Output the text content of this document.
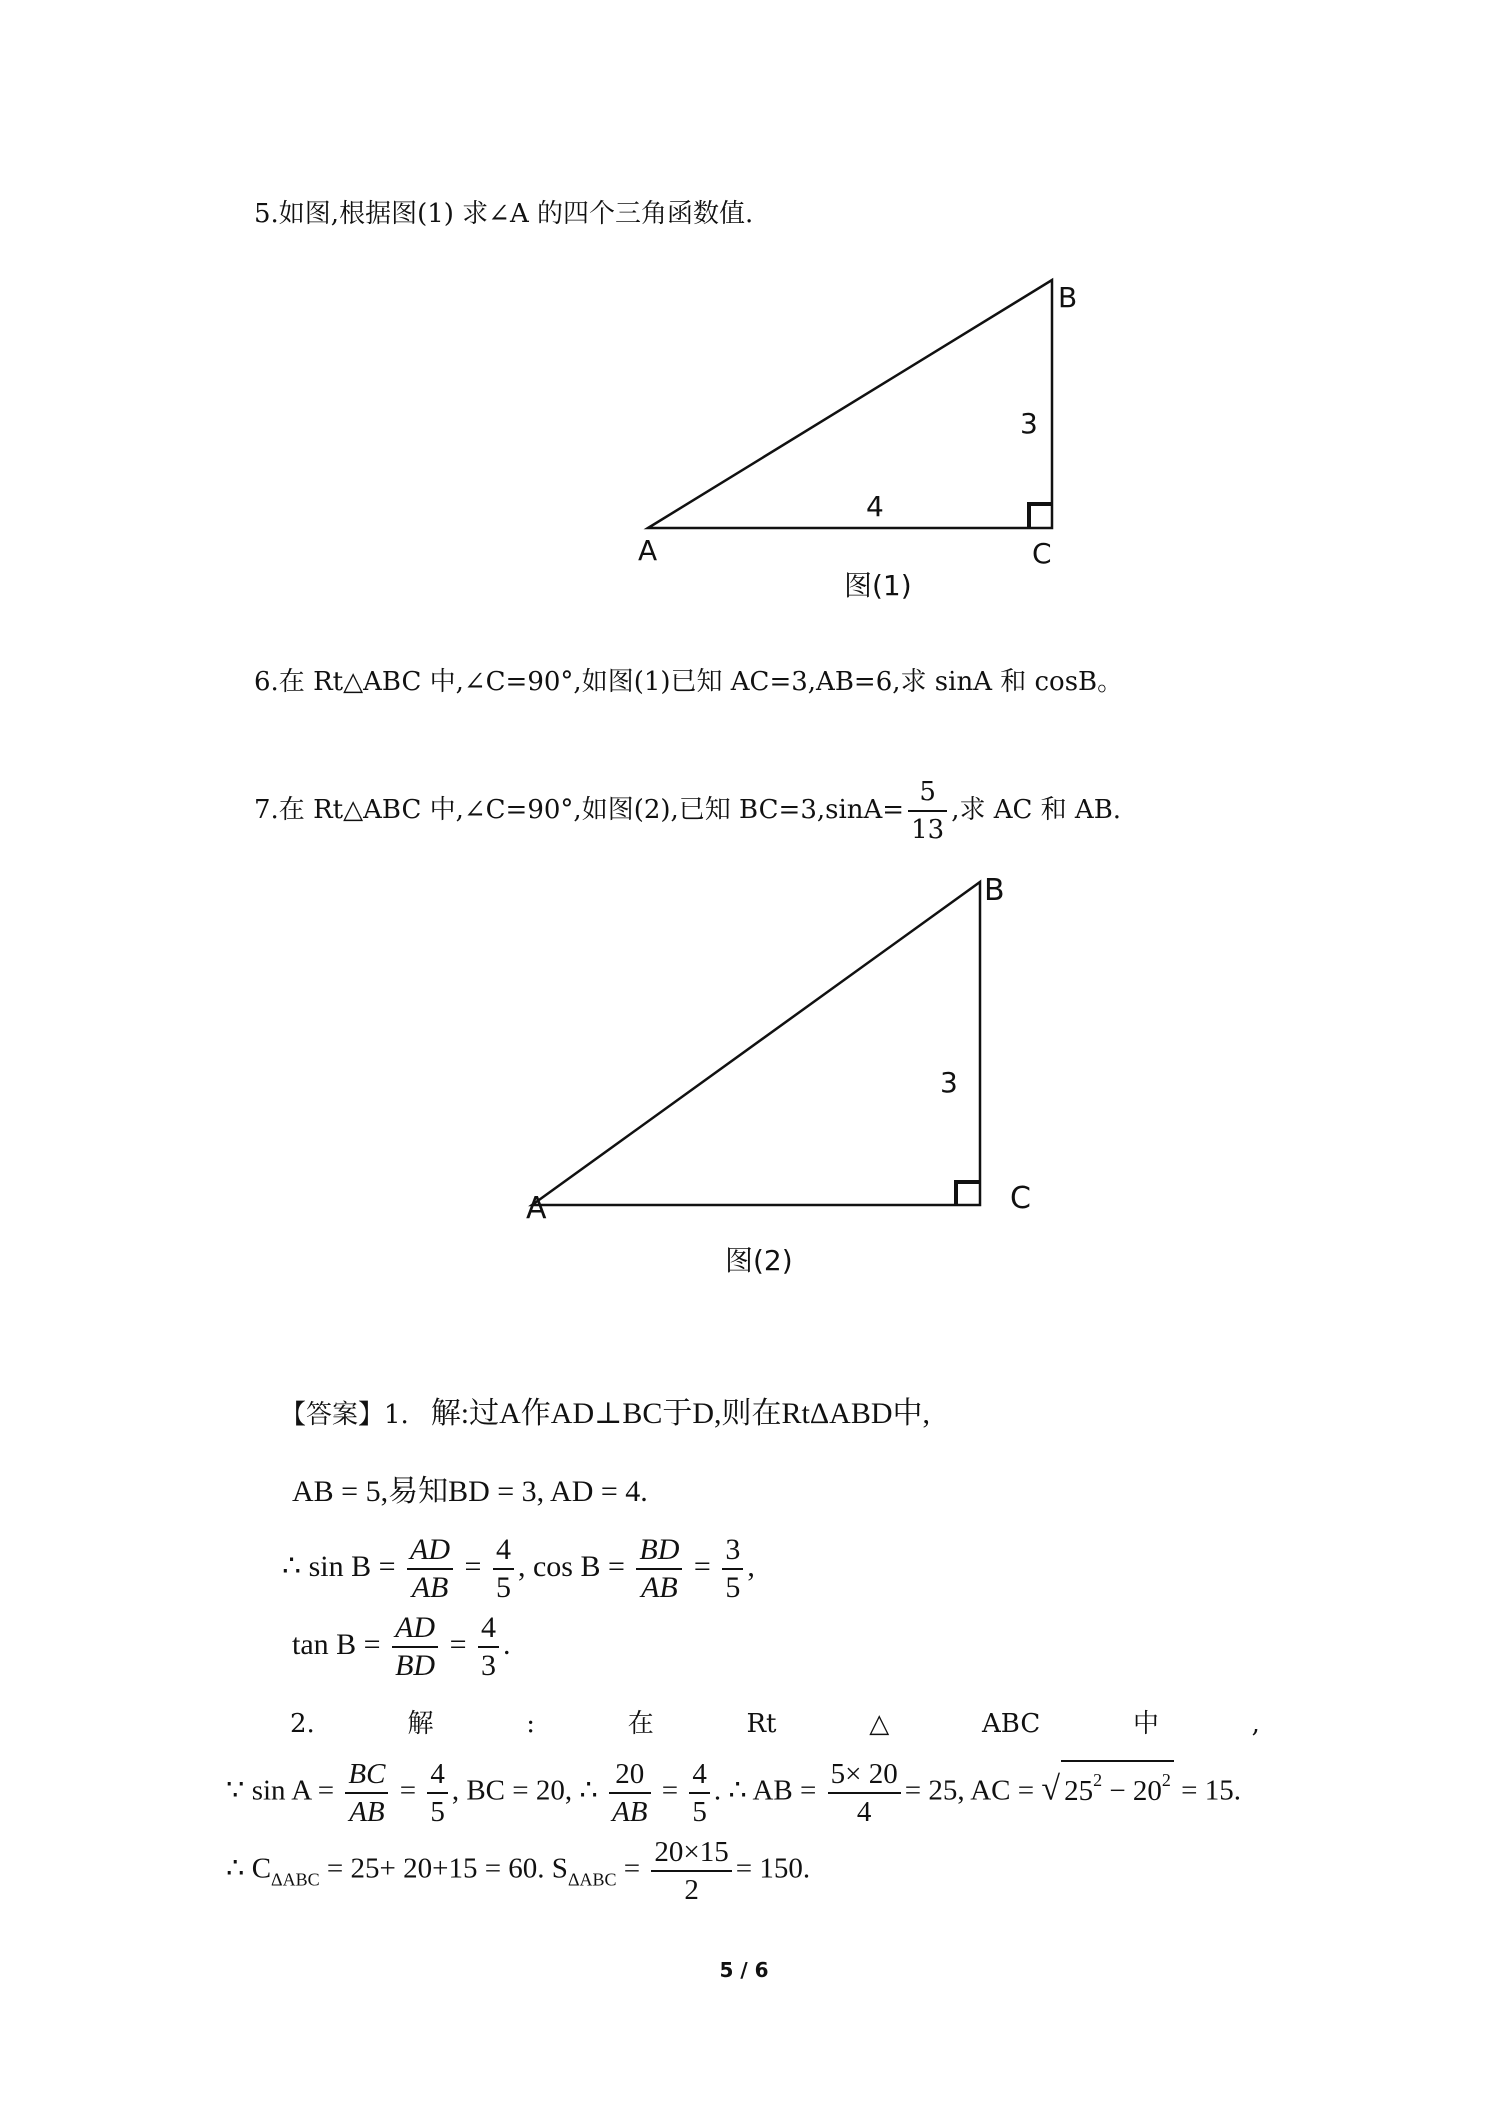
5.如图,根据图(1) 求∠A 的四个三角函数值.
B
3
4
A	C
图(1)
6.在 Rt△ABC 中,∠C=90°,如图(1)已知 AC=3,AB=6,求 sinA 和 cosB。
7.在 Rt△ABC 中,∠C=90°,如图(2),已知 $BC=3,\sin A= \frac{5}{13}$ ,求 AC 和 AB.
B
3
C
A
图(2)
【答案】1. 解:过A作AD⊥BC于D,则在RtΔABD中,
AB = 5,易知BD = 3, AD = 4.
∴ $\sin B = \frac{AD}{AB} = \frac{4}{5}$ , $\cos B = \frac{BD}{AB} = \frac{3}{5}$ ,
$\tan B = \frac{AD}{BD} = \frac{4}{3}$ .
2.	解	:	在	Rt	△	ABC	中	,
∵ $\sin A = \frac{BC}{AB} = \frac{4}{5}$ , BC = 20, ∴ $\frac{20}{AB} = \frac{4}{5}$ . ∴ AB = $\frac{5\times 20}{4} = 25$, AC = √ $25^2 - 20^2 = 15$.
∴ $C_{\Delta ABC} = 25+ 20+15 = 60$. $S_{\Delta ABC} = \frac{20\times 15}{2} = 150$.
5 / 6
